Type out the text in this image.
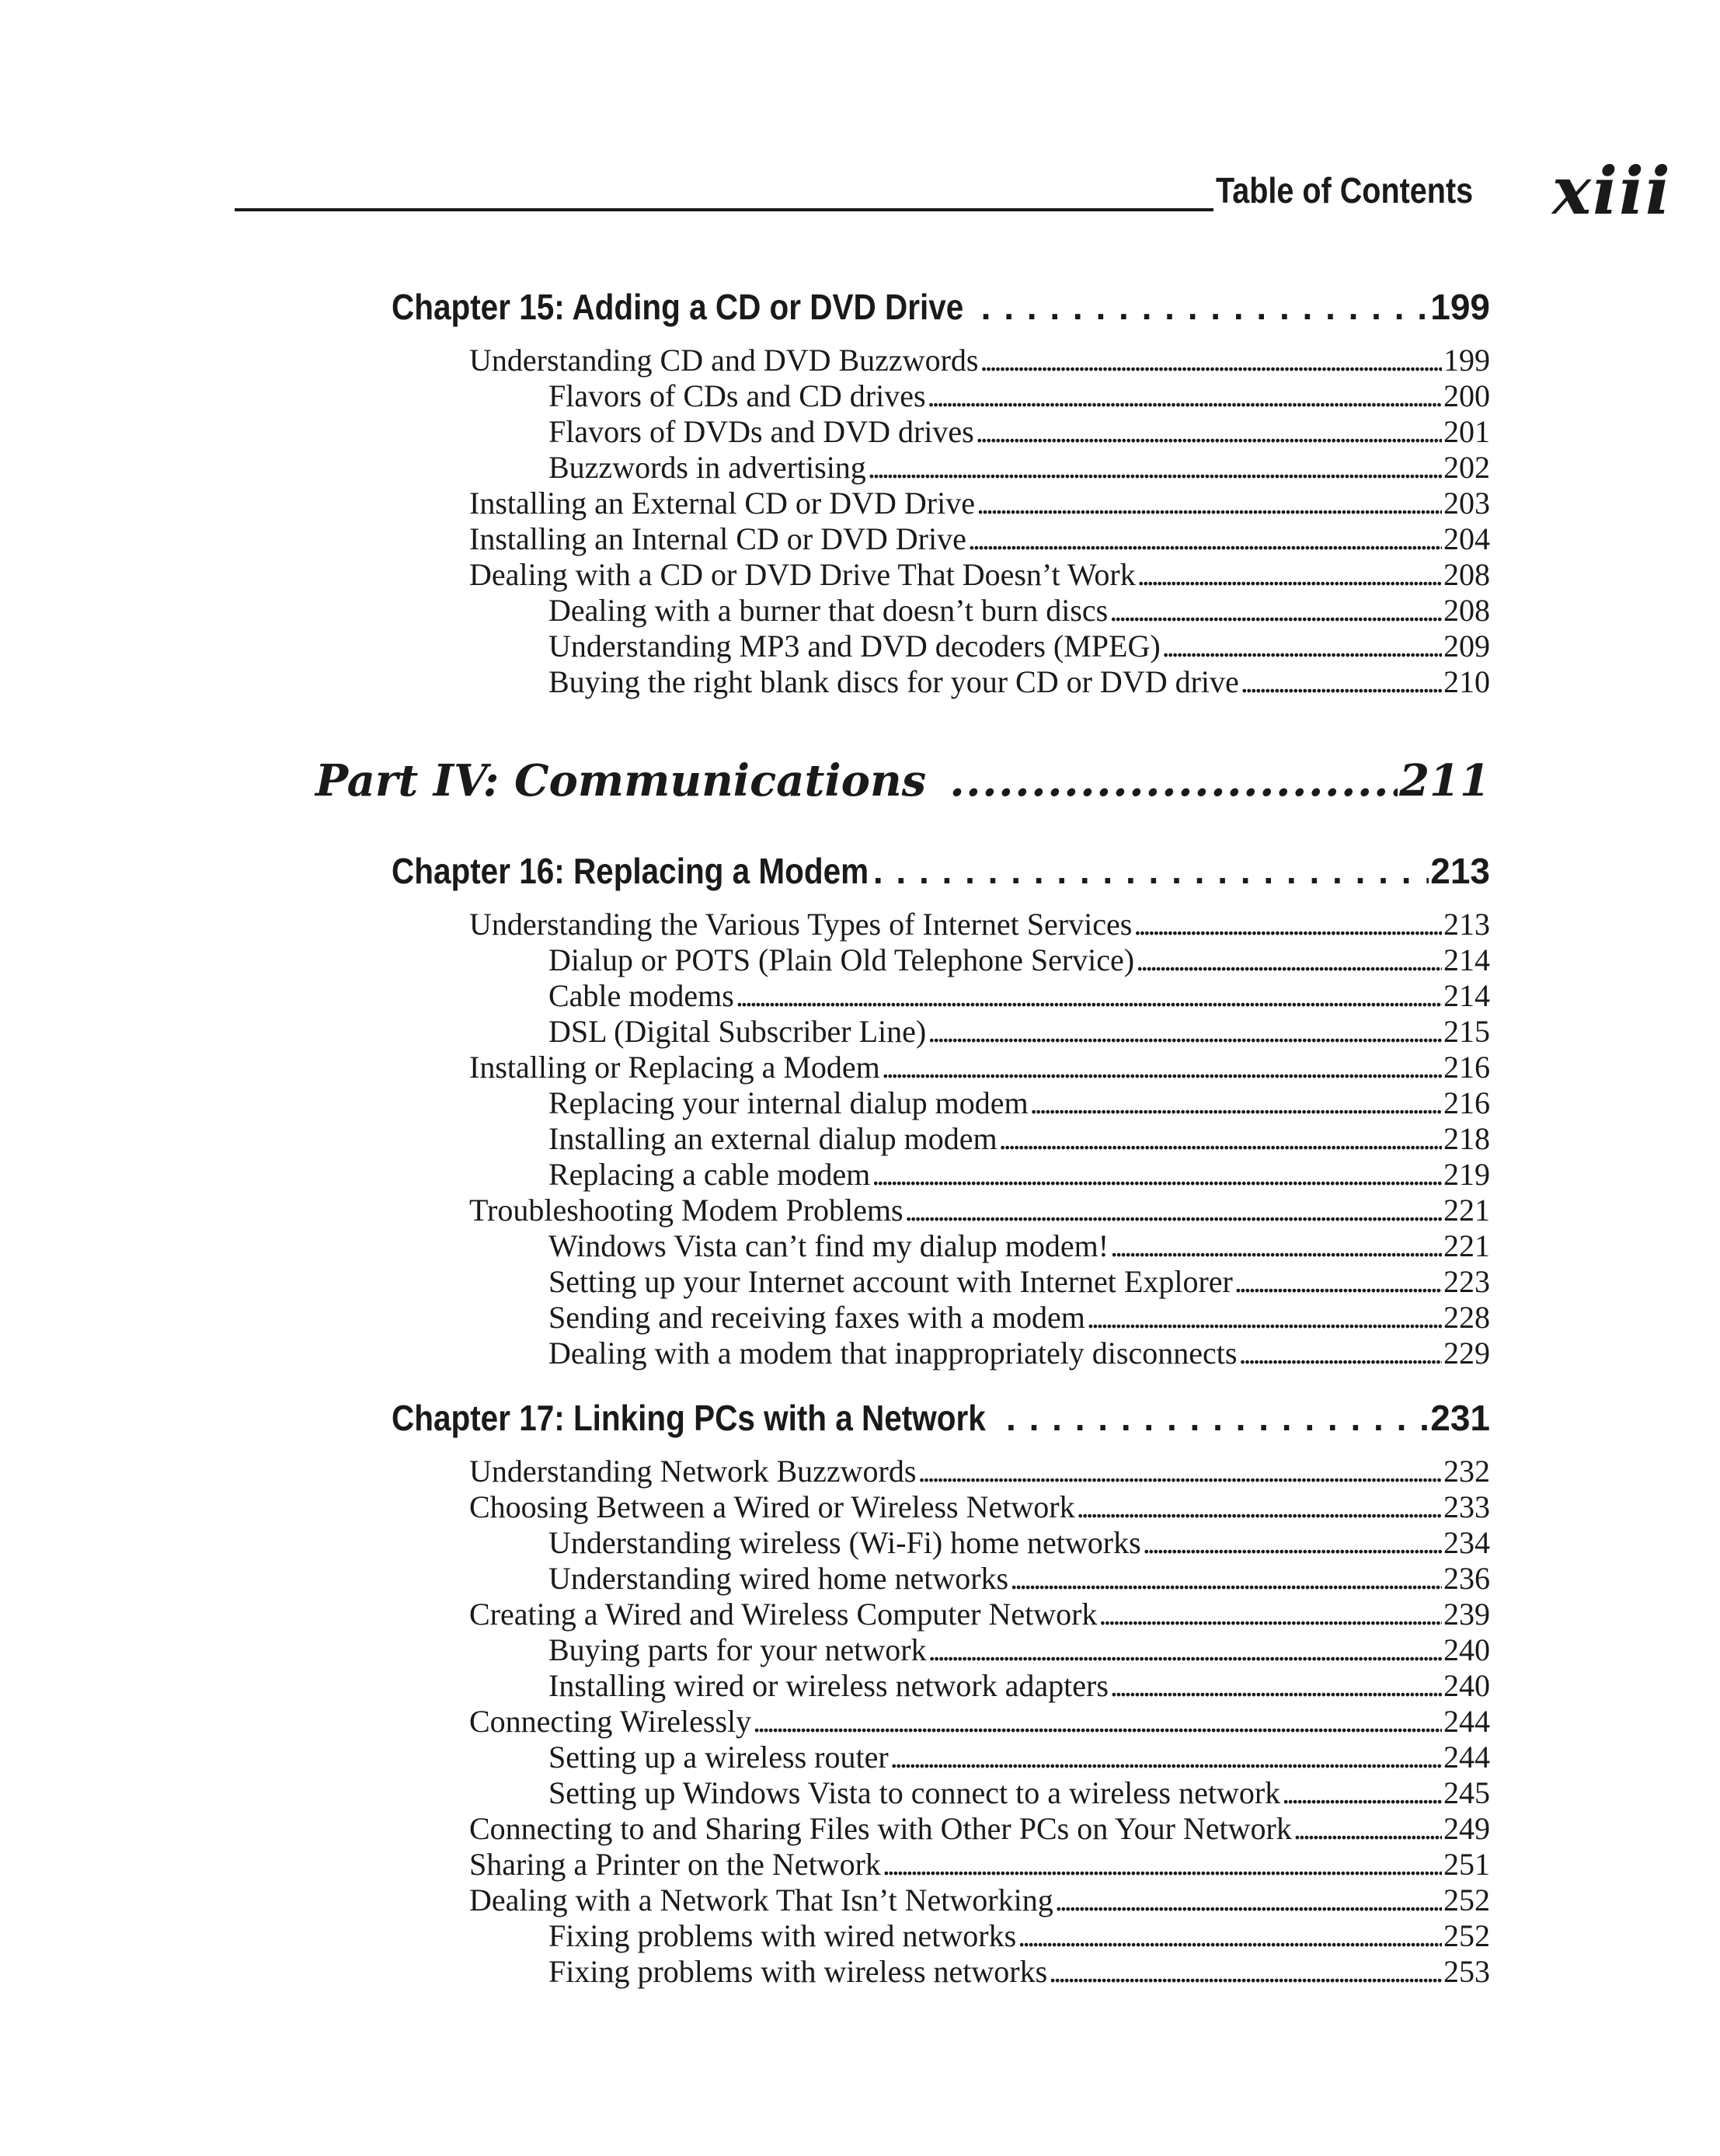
Table of Contents xiii
Chapter 15: Adding a CD or DVD Drive . . .	199
Understanding CD and DVD Buzzwords . . .	199
Flavors of CDs and CD drives . . .	200
Flavors of DVDs and DVD drives . . .	201
Buzzwords in advertising . . .	202
Installing an External CD or DVD Drive . . .	203
Installing an Internal CD or DVD Drive . . .	204
Dealing with a CD or DVD Drive That Doesn’t Work . . .	208
Dealing with a burner that doesn’t burn discs . . .	208
Understanding MP3 and DVD decoders (MPEG) . . .	209
Buying the right blank discs for your CD or DVD drive . . .	210
Part IV: Communications . . .	211
Chapter 16: Replacing a Modem . . .	213
Understanding the Various Types of Internet Services . . .	213
Dialup or POTS (Plain Old Telephone Service) . . .	214
Cable modems . . .	214
DSL (Digital Subscriber Line) . . .	215
Installing or Replacing a Modem . . .	216
Replacing your internal dialup modem . . .	216
Installing an external dialup modem . . .	218
Replacing a cable modem . . .	219
Troubleshooting Modem Problems . . .	221
Windows Vista can’t find my dialup modem! . . .	221
Setting up your Internet account with Internet Explorer . . .	223
Sending and receiving faxes with a modem . . .	228
Dealing with a modem that inappropriately disconnects . . .	229
Chapter 17: Linking PCs with a Network . . .	231
Understanding Network Buzzwords . . .	232
Choosing Between a Wired or Wireless Network . . .	233
Understanding wireless (Wi-Fi) home networks . . .	234
Understanding wired home networks . . .	236
Creating a Wired and Wireless Computer Network . . .	239
Buying parts for your network . . .	240
Installing wired or wireless network adapters . . .	240
Connecting Wirelessly . . .	244
Setting up a wireless router . . .	244
Setting up Windows Vista to connect to a wireless network . . .	245
Connecting to and Sharing Files with Other PCs on Your Network . . .	249
Sharing a Printer on the Network . . .	251
Dealing with a Network That Isn’t Networking . . .	252
Fixing problems with wired networks . . .	252
Fixing problems with wireless networks . . .	253
